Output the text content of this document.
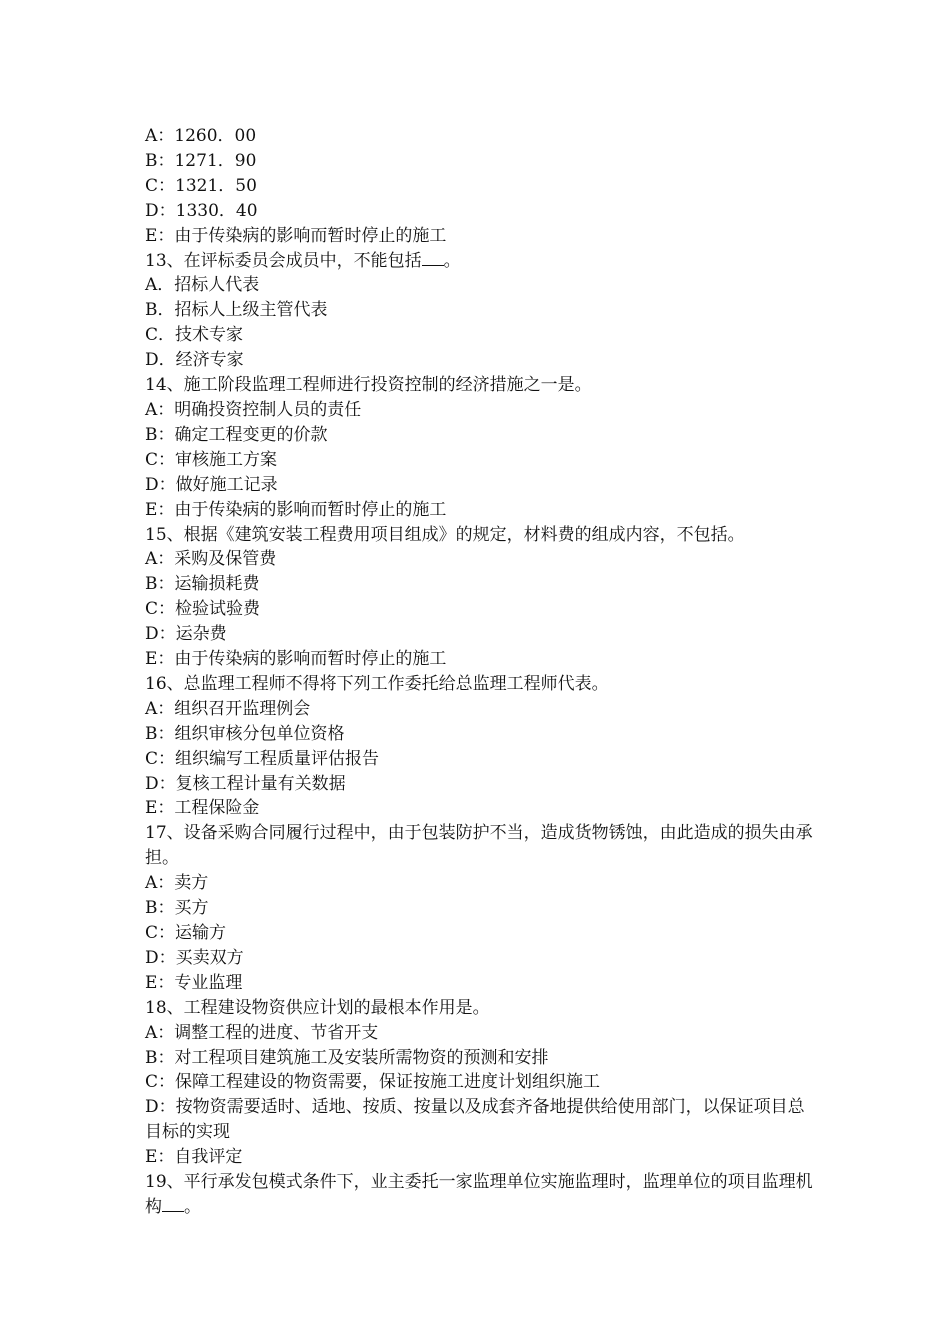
A：1260．00
B：1271．90
C：1321．50
D：1330．40
E：由于传染病的影响而暂时停止的施工
13、在评标委员会成员中，不能包括 。
A．招标人代表
B．招标人上级主管代表
C．技术专家
D．经济专家
14、施工阶段监理工程师进行投资控制的经济措施之一是。
A：明确投资控制人员的责任
B：确定工程变更的价款
C：审核施工方案
D：做好施工记录
E：由于传染病的影响而暂时停止的施工
15、根据《建筑安装工程费用项目组成》的规定，材料费的组成内容，不包括。
A：采购及保管费
B：运输损耗费
C：检验试验费
D：运杂费
E：由于传染病的影响而暂时停止的施工
16、总监理工程师不得将下列工作委托给总监理工程师代表。
A：组织召开监理例会
B：组织审核分包单位资格
C：组织编写工程质量评估报告
D：复核工程计量有关数据
E：工程保险金
17、设备采购合同履行过程中，由于包装防护不当，造成货物锈蚀，由此造成的损失由承担。
A：卖方
B：买方
C：运输方
D：买卖双方
E：专业监理
18、工程建设物资供应计划的最根本作用是。
A：调整工程的进度、节省开支
B：对工程项目建筑施工及安装所需物资的预测和安排
C：保障工程建设的物资需要，保证按施工进度计划组织施工
D：按物资需要适时、适地、按质、按量以及成套齐备地提供给使用部门，以保证项目总目标的实现
E：自我评定
19、平行承发包模式条件下，业主委托一家监理单位实施监理时，监理单位的项目监理机构 。
